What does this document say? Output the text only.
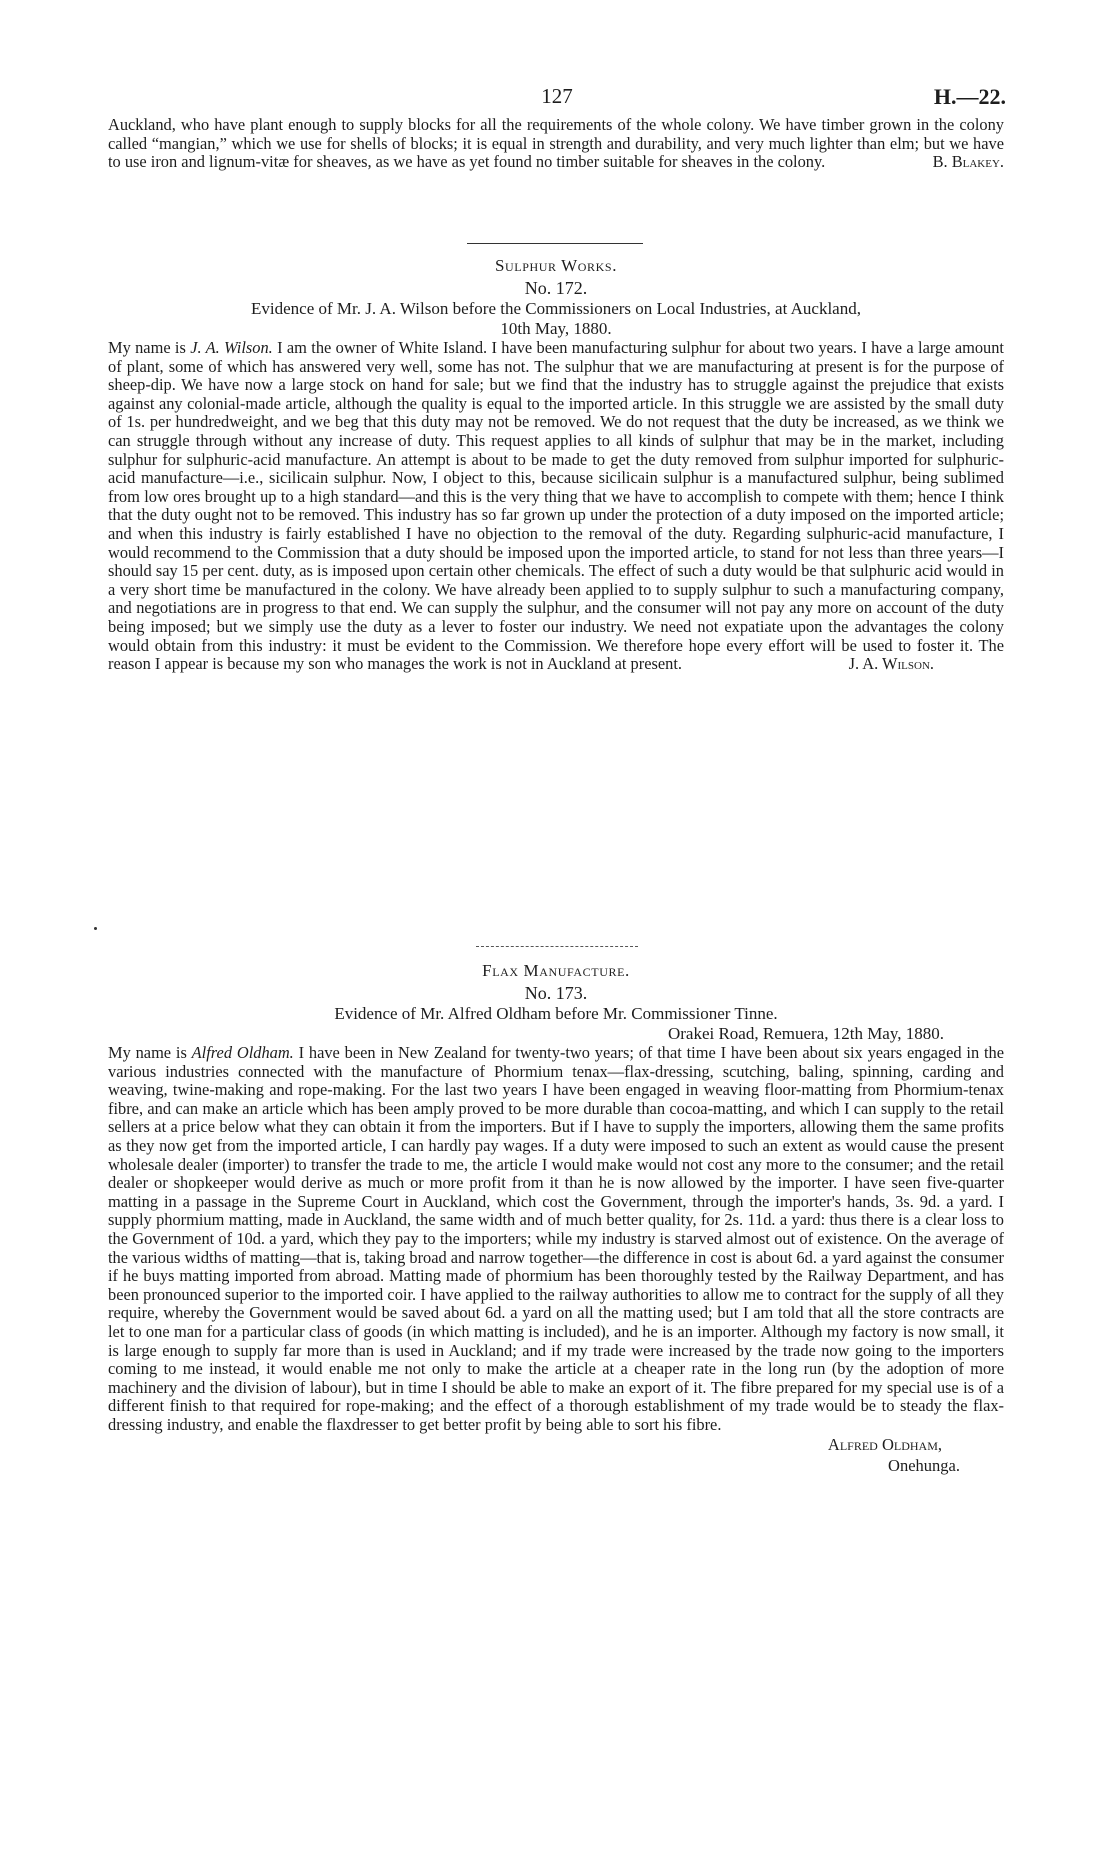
127	H.—22.

Auckland, who have plant enough to supply blocks for all the requirements of the whole colony. We have timber grown in the colony called “mangian,” which we use for shells of blocks; it is equal in strength and durability, and very much lighter than elm; but we have to use iron and lignum-vitæ for sheaves, as we have as yet found no timber suitable for sheaves in the colony.	B. Blakey.

Sulphur Works.

No. 172.

Evidence of Mr. J. A. Wilson before the Commissioners on Local Industries, at Auckland,

10th May, 1880.

My name is J. A. Wilson. I am the owner of White Island. I have been manufacturing sulphur for about two years. I have a large amount of plant, some of which has answered very well, some has not. The sulphur that we are manufacturing at present is for the purpose of sheep-dip. We have now a large stock on hand for sale; but we find that the industry has to struggle against the prejudice that exists against any colonial-made article, although the quality is equal to the imported article. In this struggle we are assisted by the small duty of 1s. per hundredweight, and we beg that this duty may not be removed. We do not request that the duty be increased, as we think we can struggle through without any increase of duty. This request applies to all kinds of sulphur that may be in the market, including sulphur for sulphuric-acid manufacture. An attempt is about to be made to get the duty removed from sulphur imported for sulphuric-acid manufacture—i.e., sicilicain sulphur. Now, I object to this, because sicilicain sulphur is a manufactured sulphur, being sublimed from low ores brought up to a high standard—and this is the very thing that we have to accomplish to compete with them; hence I think that the duty ought not to be removed. This industry has so far grown up under the protection of a duty imposed on the imported article; and when this industry is fairly established I have no objection to the removal of the duty. Regarding sulphuric-acid manufacture, I would recommend to the Commission that a duty should be imposed upon the imported article, to stand for not less than three years—I should say 15 per cent. duty, as is imposed upon certain other chemicals. The effect of such a duty would be that sulphuric acid would in a very short time be manufactured in the colony. We have already been applied to to supply sulphur to such a manufacturing company, and negotiations are in progress to that end. We can supply the sulphur, and the consumer will not pay any more on account of the duty being imposed; but we simply use the duty as a lever to foster our industry. We need not expatiate upon the advantages the colony would obtain from this industry: it must be evident to the Commission. We therefore hope every effort will be used to foster it. The reason I appear is because my son who manages the work is not in Auckland at present.	J. A. Wilson.

Flax Manufacture.

No. 173.

Evidence of Mr. Alfred Oldham before Mr. Commissioner Tinne.

Orakei Road, Remuera, 12th May, 1880.

My name is Alfred Oldham. I have been in New Zealand for twenty-two years; of that time I have been about six years engaged in the various industries connected with the manufacture of Phormium tenax—flax-dressing, scutching, baling, spinning, carding and weaving, twine-making and rope-making. For the last two years I have been engaged in weaving floor-matting from Phormium-tenax fibre, and can make an article which has been amply proved to be more durable than cocoa-matting, and which I can supply to the retail sellers at a price below what they can obtain it from the importers. But if I have to supply the importers, allowing them the same profits as they now get from the imported article, I can hardly pay wages. If a duty were imposed to such an extent as would cause the present wholesale dealer (importer) to transfer the trade to me, the article I would make would not cost any more to the consumer; and the retail dealer or shopkeeper would derive as much or more profit from it than he is now allowed by the importer. I have seen five-quarter matting in a passage in the Supreme Court in Auckland, which cost the Government, through the importer's hands, 3s. 9d. a yard. I supply phormium matting, made in Auckland, the same width and of much better quality, for 2s. 11d. a yard: thus there is a clear loss to the Government of 10d. a yard, which they pay to the importers; while my industry is starved almost out of existence. On the average of the various widths of matting—that is, taking broad and narrow together—the difference in cost is about 6d. a yard against the consumer if he buys matting imported from abroad. Matting made of phormium has been thoroughly tested by the Railway Department, and has been pronounced superior to the imported coir. I have applied to the railway authorities to allow me to contract for the supply of all they require, whereby the Government would be saved about 6d. a yard on all the matting used; but I am told that all the store contracts are let to one man for a particular class of goods (in which matting is included), and he is an importer. Although my factory is now small, it is large enough to supply far more than is used in Auckland; and if my trade were increased by the trade now going to the importers coming to me instead, it would enable me not only to make the article at a cheaper rate in the long run (by the adoption of more machinery and the division of labour), but in time I should be able to make an export of it. The fibre prepared for my special use is of a different finish to that required for rope-making; and the effect of a thorough establishment of my trade would be to steady the flax-dressing industry, and enable the flaxdresser to get better profit by being able to sort his fibre.

Alfred Oldham,
Onehunga.
